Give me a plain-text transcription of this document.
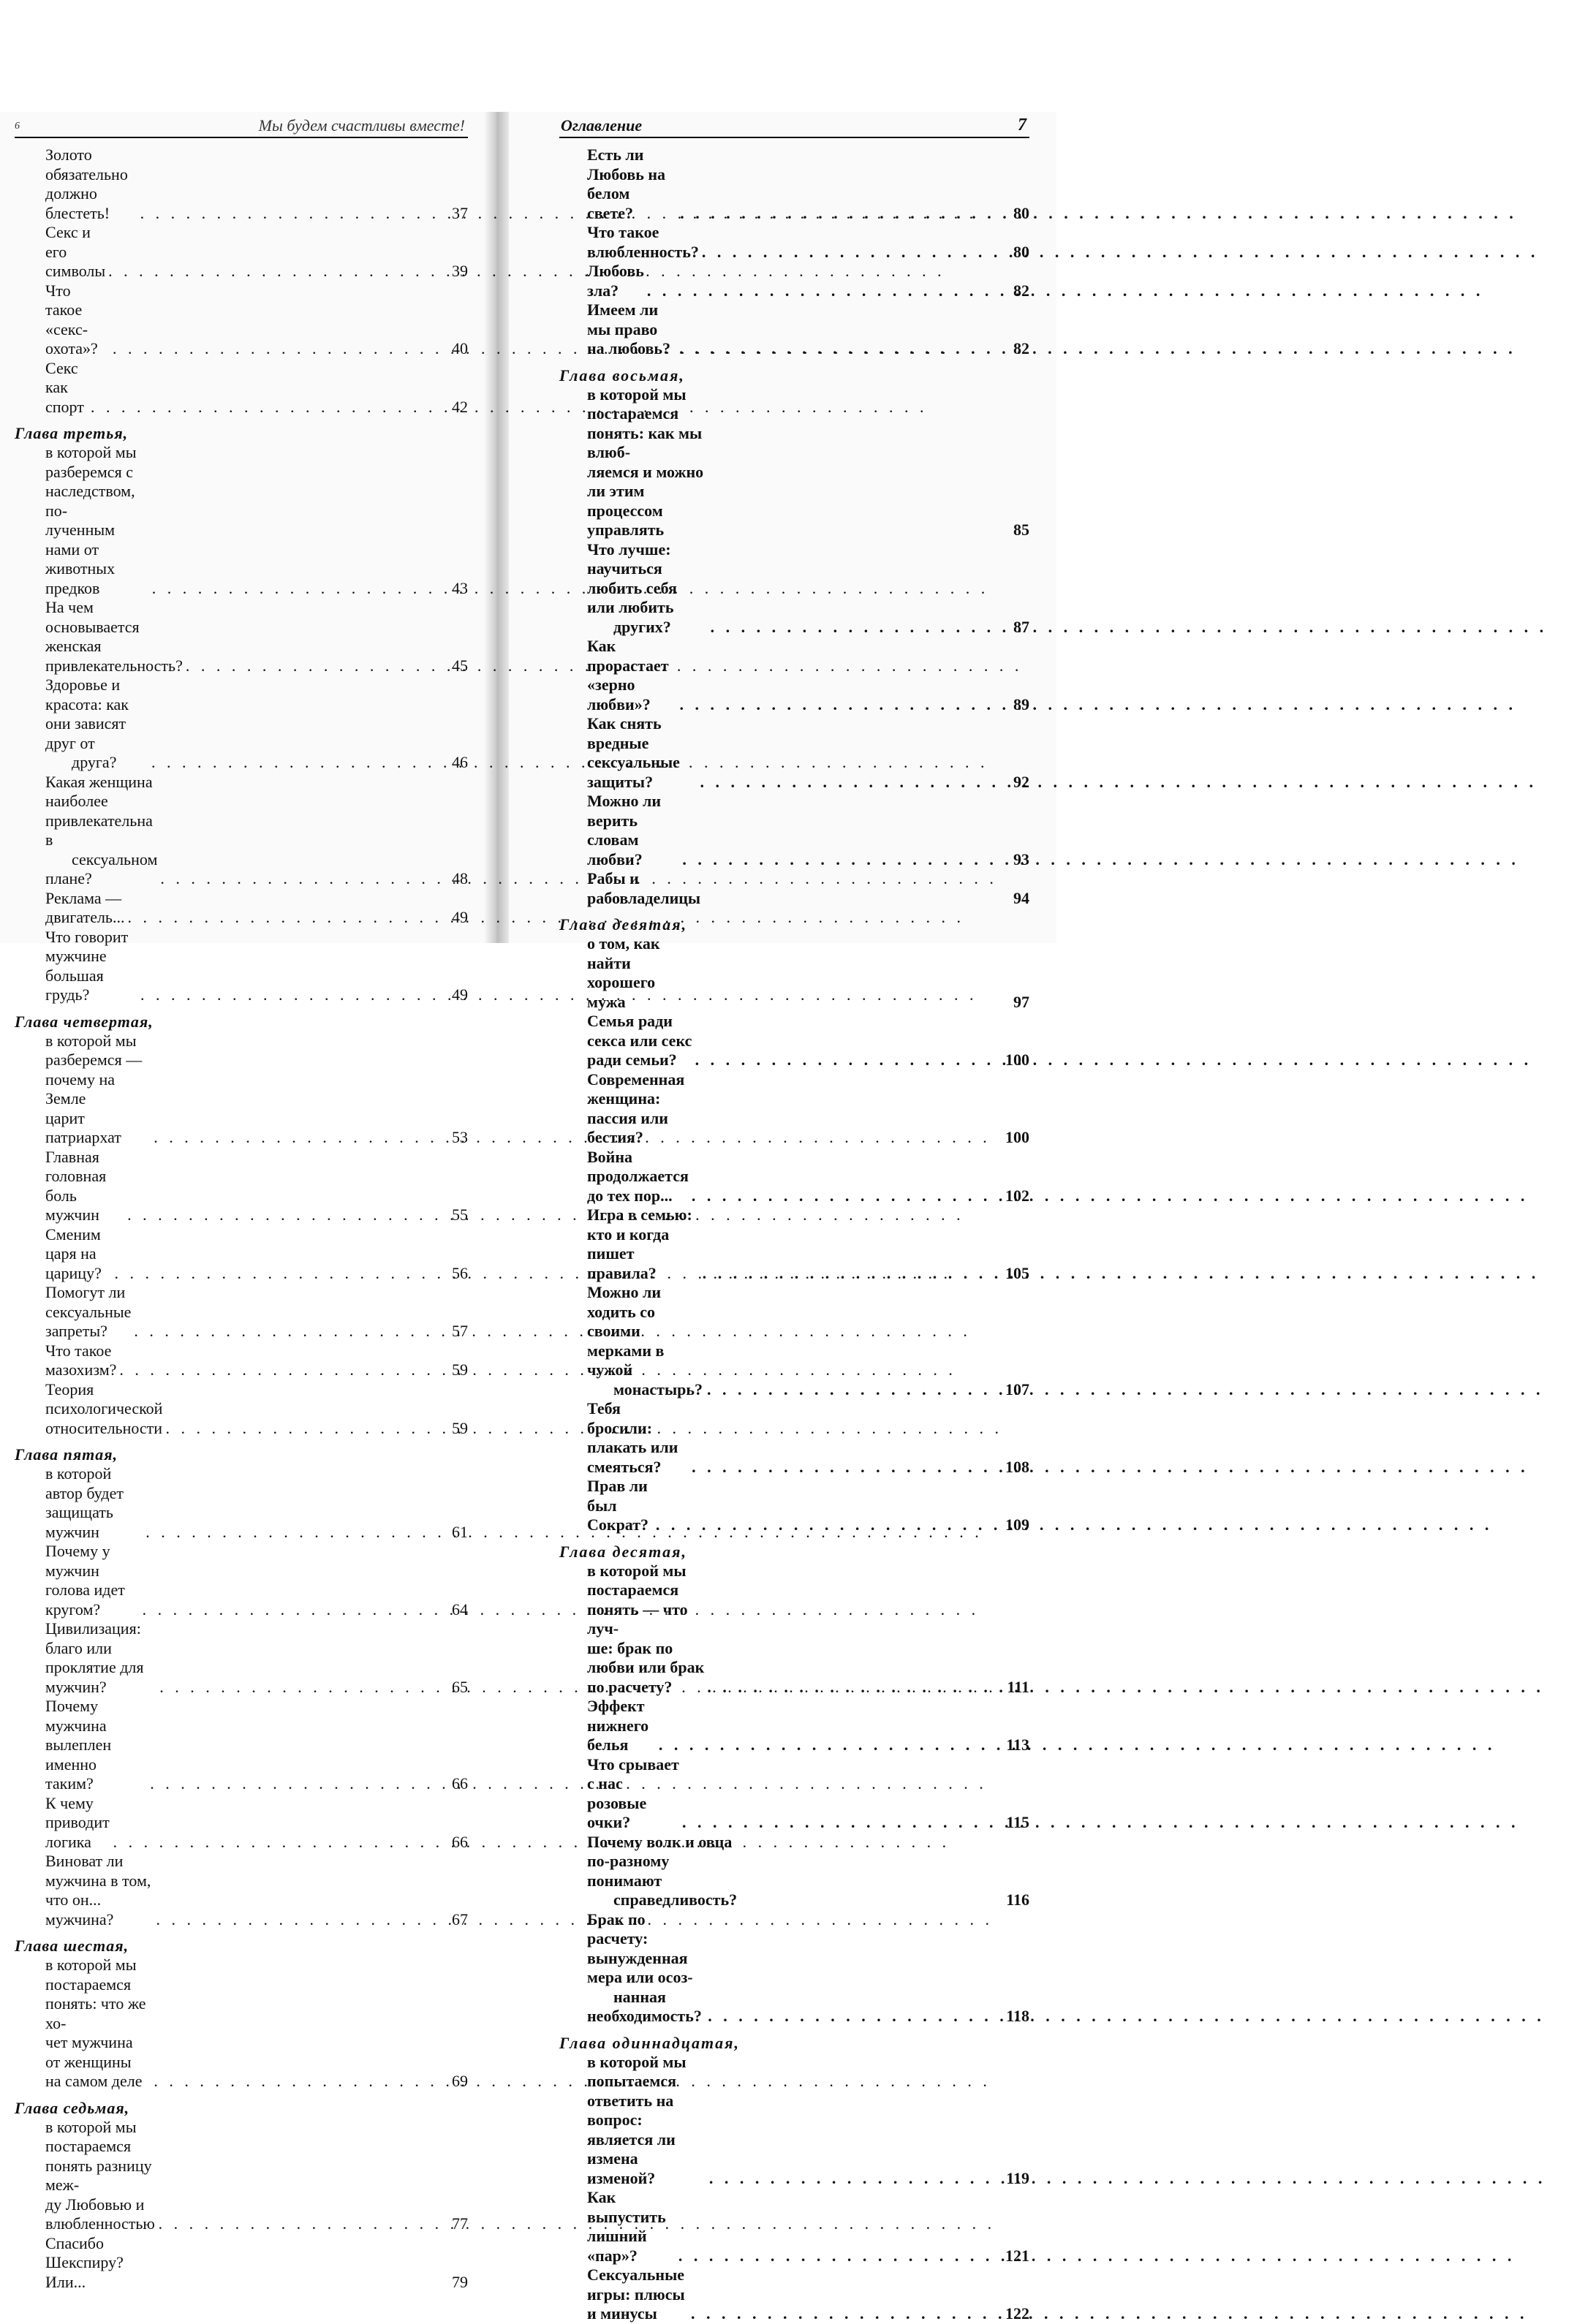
6	Мы будем счастливы вместе!
Золото обязательно должно блестеть! . . .	37
Секс и его символы . . .	39
Что такое «секс-охота»? . . .	40
Секс как спорт . . .	42
Глава третья,
в которой мы разберемся с наследством, по-
лученным нами от животных предков . . .	43
На чем основывается женская привлекательность? . . .	45
Здоровье и красота: как они зависят друг от
друга? . . .	46
Какая женщина наиболее привлекательна в
сексуальном плане? . . .	48
Реклама — двигатель... . . .	49
Что говорит мужчине большая грудь? . . .	49
Глава четвертая,
в которой мы разберемся — почему на Земле
царит патриархат . . .	53
Главная головная боль мужчин . . .	55
Сменим царя на царицу? . . .	56
Помогут ли сексуальные запреты? . . .	57
Что такое мазохизм? . . .	59
Теория психологической относительности . . .	59
Глава пятая,
в которой автор будет защищать мужчин . . .	61
Почему у мужчин голова идет кругом? . . .	64
Цивилизация: благо или проклятие для мужчин? . . .	65
Почему мужчина вылеплен именно таким? . . .	66
К чему приводит логика . . .	66
Виноват ли мужчина в том, что он... мужчина? . . .	67
Глава шестая,
в которой мы постараемся понять: что же хо-
чет мужчина от женщины на самом деле . . .	69
Глава седьмая,
в которой мы постараемся понять разницу меж-
ду Любовью и влюбленностью . . .	77
Спасибо Шекспиру? Или...	79
Оглавление	7
Есть ли Любовь на белом свете? . . .	80
Что такое влюбленность? . . .	80
Любовь зла? . . .	82
Имеем ли мы право на любовь? . . .	82
Глава восьмая,
в которой мы постараемся понять: как мы влюб-
ляемся и можно ли этим процессом управлять	85
Что лучше: научиться любить себя или любить
других? . . .	87
Как прорастает «зерно любви»? . . .	89
Как снять вредные сексуальные защиты? . . .	92
Можно ли верить словам любви? . . .	93
Рабы и рабовладелицы	94
Глава девятая,
о том, как найти хорошего мужа	97
Семья ради секса или секс ради семьи? . . .	100
Современная женщина: пассия или бестия?	100
Война продолжается до тех пор... . . .	102
Игра в семью: кто и когда пишет правила? . . .	105
Можно ли ходить со своими мерками в чужой
монастырь? . . .	107
Тебя бросили: плакать или смеяться? . . .	108
Прав ли был Сократ? . . .	109
Глава десятая,
в которой мы постараемся понять — что луч-
ше: брак по любви или брак по расчету? . . .	111
Эффект нижнего белья . . .	113
Что срывает с нас розовые очки? . . .	115
Почему волк и овца по-разному понимают
справедливость?	116
Брак по расчету: вынужденная мера или осоз-
нанная необходимость? . . .	118
Глава одиннадцатая,
в которой мы попытаемся ответить на вопрос:
является ли измена изменой? . . .	119
Как выпустить лишний «пар»? . . .	121
Сексуальные игры: плюсы и минусы . . .	122
